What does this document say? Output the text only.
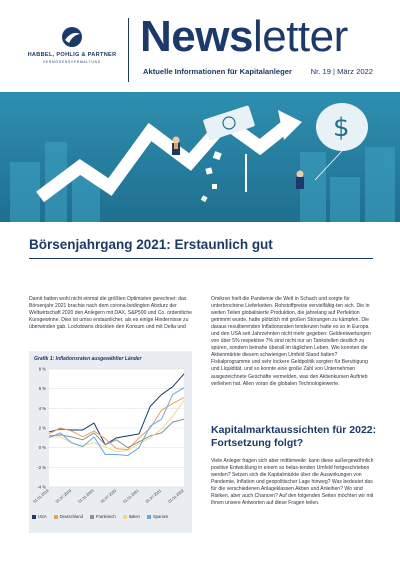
HABBEL, POHLIG & PARTNER
VERMÖGENSVERWALTUNG
Newsletter
Aktuelle Informationen für Kapitalanleger Nr. 19 | März 2022
$
Börsenjahrgang 2021: Erstaunlich gut
Damit hatten wohl nicht einmal die größten Optimisten gerechnet: das Börsenjahr 2021 brachte nach dem corona-bedingten Absturz der Weltwirtschaft 2020 den Anlegern mit DAX, S&P500 und Co. ordentliche Kursgewinne. Dies ist umso erstaunlicher, als es einige Hindernisse zu überwinden gab. Lockdowns drückten den Konsum und mit Delta und
8 %
6 %
4 %
2 %
0 %
-2 %
-4 %
01.01.2019 01.07.2019 01.01.2020 01.07.2020 01.01.2021 01.07.2021 01.01.2022
Grafik 1: Inflationsraten ausgewählter Länder
USA	Deutschland	Frankreich	Italien	Spanien
Omikron hielt die Pandemie die Welt in Schach und sorgte für unterbrochene Lieferketten. Rohstoffpreise vervielfältig-ten sich. Die in weiten Teilen globalisierte Produktion, die jahrelang auf Perfektion getrimmt wurde, hatte plötzlich mit großen Störungen zu kämpfen. Die daraus resultierenden Inflationsraten tendenzen hatte es so in Europa und den USA seit Jahrzehnten nicht mehr gegeben: Geldentwertungen von über 5% respektive 7% sind nicht nur an Tankstellen deutlich zu spüren, sondern beinahe überall im täglichen Leben. Wie konnten die Aktienmärkte diesem schwierigen Umfeld Stand halten? Fiskalprogramme und sehr lockere Geldpolitik sorgten für Beruhigung und Liquidität, und so konnte eine große Zahl von Unternehmen ausgezeichnete Geschäfte vermelden, was den Aktienkursen Auftrieb verliehen hat. Allen voran die globalen Technologiewerte.
Kapitalmarktaussichten für 2022: Fortsetzung folgt?
Viele Anleger fragen sich aber mittlerweile: kann diese außergewöhnlich positive Entwicklung in einem so belas-tenden Umfeld fortgeschrieben werden? Setzen sich die Kapitalmärkte über die Auswirkungen von Pandemie, Inflation und geopolitischer Lage hinweg? Was bedeutet das für die verschiedenen Anlageklassen Aktien und Anleihen? Wo sind Risiken, aber auch Chancen? Auf den folgenden Seiten möchten wir mit Ihnen unsere Antworten auf diese Fragen teilen.
